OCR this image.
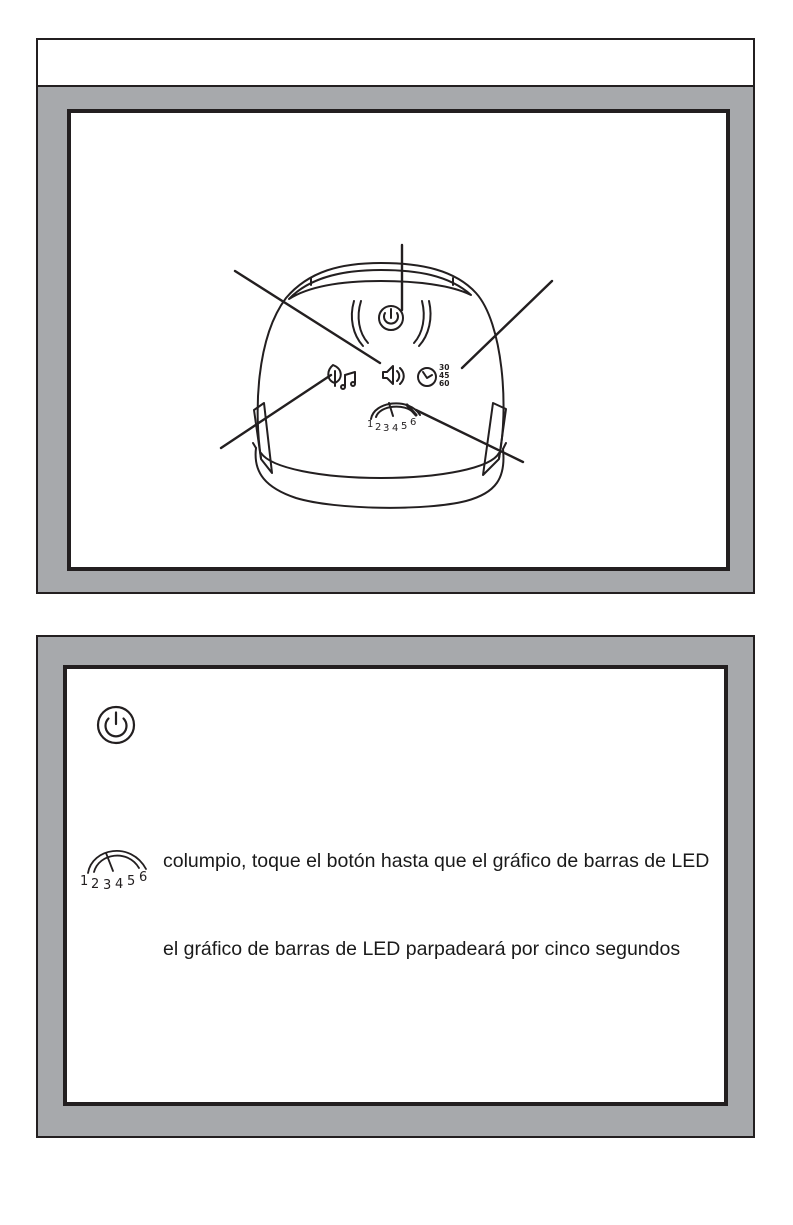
30
45
60
1 2 3 4 5 6
1 2 3 4 5 6
columpio, toque el botón hasta que el gráfico de barras de LED
el gráfico de barras de LED parpadeará por cinco segundos
